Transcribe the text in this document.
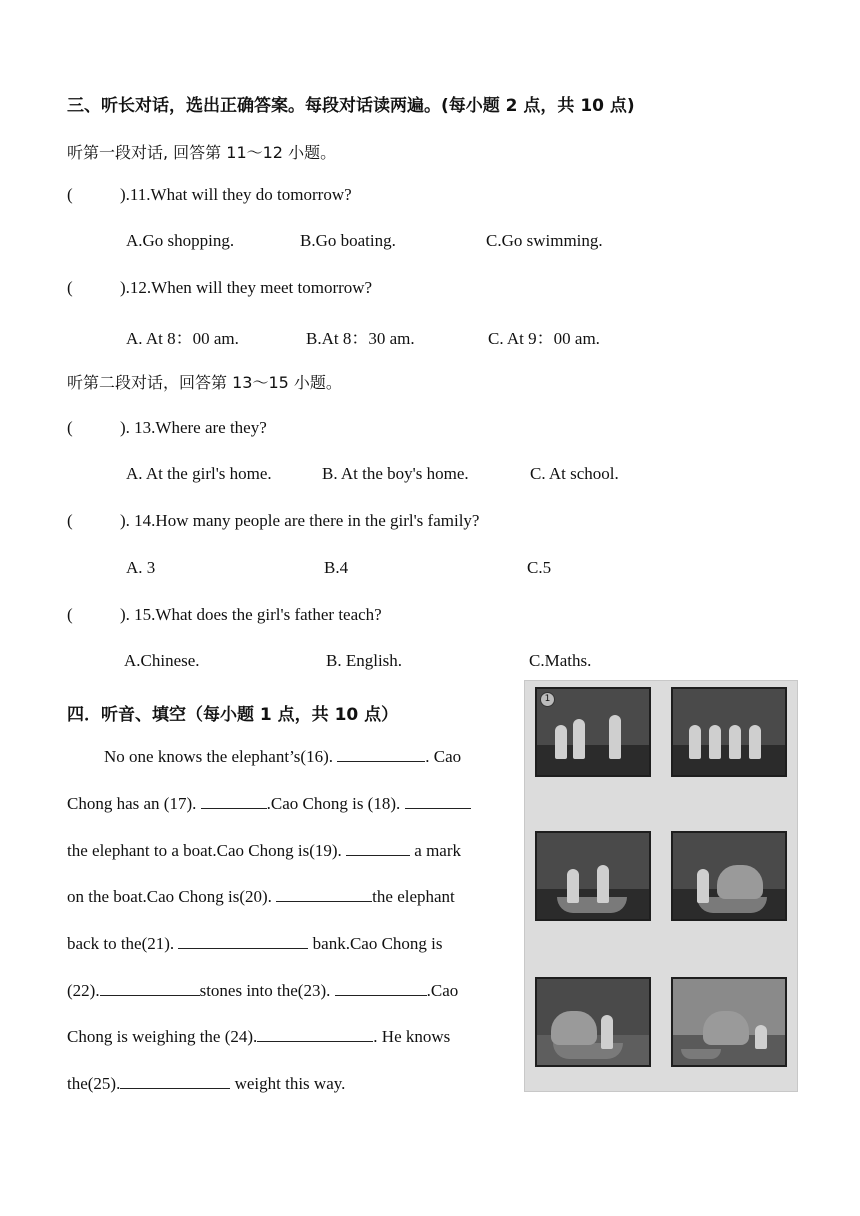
三、听长对话，选出正确答案。每段对话读两遍。(每小题 2 点，共 10 点)
听第一段对话, 回答第 11～12 小题。
(	).11.What will they do tomorrow?
A.Go shopping.	B.Go boating.	C.Go swimming.
(	).12.When will they meet tomorrow?
A. At 8：00 am.	B.At 8：30 am.	C. At 9：00 am.
听第二段对话，回答第 13～15 小题。
(	). 13.Where are they?
A. At the girl's home.	B. At the boy's home.	C. At school.
(	). 14.How many people are there in the girl's family?
A. 3	B.4	C.5
(	). 15.What does the girl's father teach?
A.Chinese.	B. English.	C.Maths.
四．听音、填空（每小题 1 点，共 10 点）
No one knows the elephant’s(16).	. Cao
Chong has an (17).	.Cao Chong is (18).
the elephant to a boat.Cao Chong is(19).	a mark
on the boat.Cao Chong is(20).	the elephant
back to the(21).	bank.Cao Chong is
(22).	stones into the(23).	.Cao
Chong is weighing the (24).	. He knows
the(25).	weight this way.
1
